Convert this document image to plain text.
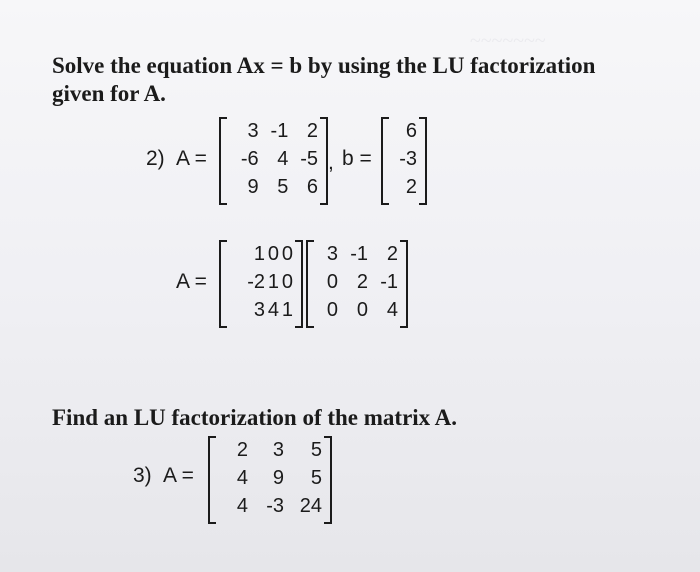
~~~~~~~
Solve the equation Ax = b by using the LU factorization
given for A.
2) A =
3 -1 2
-6 4 -5
9 5 6
, b =
6
-3
2
A =
1 0 0
-2 1 0
3 4 1
3 -1 2
0 2 -1
0 0 4
Find an LU factorization of the matrix A.
3) A =
2	3	5
4	9	5
4 -3 24
